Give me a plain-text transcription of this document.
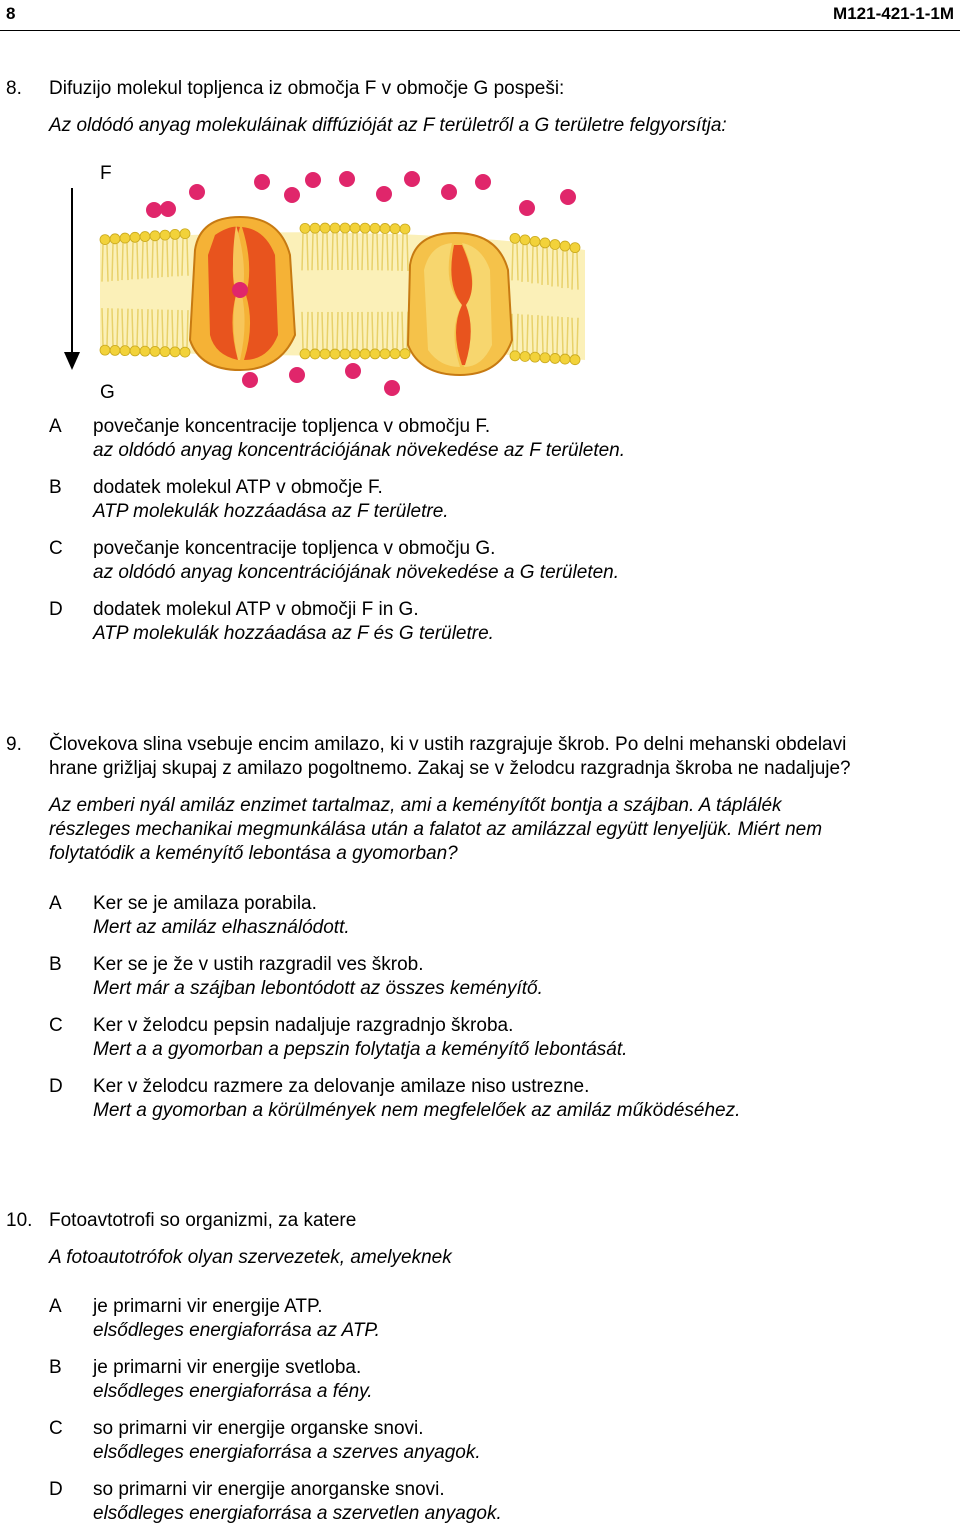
8	M121-421-1-1M
8. Difuzijo molekul topljenca iz območja F v območje G pospeši:
Az oldódó anyag molekuláinak diffúzióját az F területről a G területre felgyorsítja:
F
G
A povečanje koncentracije topljenca v območju F.
az oldódó anyag koncentrációjának növekedése az F területen.
B dodatek molekul ATP v območje F.
ATP molekulák hozzáadása az F területre.
C povečanje koncentracije topljenca v območju G.
az oldódó anyag koncentrációjának növekedése a G területen.
D dodatek molekul ATP v območji F in G.
ATP molekulák hozzáadása az F és G területre.
9. Človekova slina vsebuje encim amilazo, ki v ustih razgrajuje škrob. Po delni mehanski obdelavi
hrane grižljaj skupaj z amilazo pogoltnemo. Zakaj se v želodcu razgradnja škroba ne nadaljuje?
Az emberi nyál amiláz enzimet tartalmaz, ami a keményítőt bontja a szájban. A táplálék
részleges mechanikai megmunkálása után a falatot az amilázzal együtt lenyeljük. Miért nem
folytatódik a keményítő lebontása a gyomorban?
A Ker se je amilaza porabila.
Mert az amiláz elhasználódott.
B Ker se je že v ustih razgradil ves škrob.
Mert már a szájban lebontódott az összes keményítő.
C Ker v želodcu pepsin nadaljuje razgradnjo škroba.
Mert a a gyomorban a pepszin folytatja a keményítő lebontását.
D Ker v želodcu razmere za delovanje amilaze niso ustrezne.
Mert a gyomorban a körülmények nem megfelelőek az amiláz működéséhez.
10. Fotoavtotrofi so organizmi, za katere
A fotoautotrófok olyan szervezetek, amelyeknek
A je primarni vir energije ATP.
elsődleges energiaforrása az ATP.
B je primarni vir energije svetloba.
elsődleges energiaforrása a fény.
C so primarni vir energije organske snovi.
elsődleges energiaforrása a szerves anyagok.
D so primarni vir energije anorganske snovi.
elsődleges energiaforrása a szervetlen anyagok.
